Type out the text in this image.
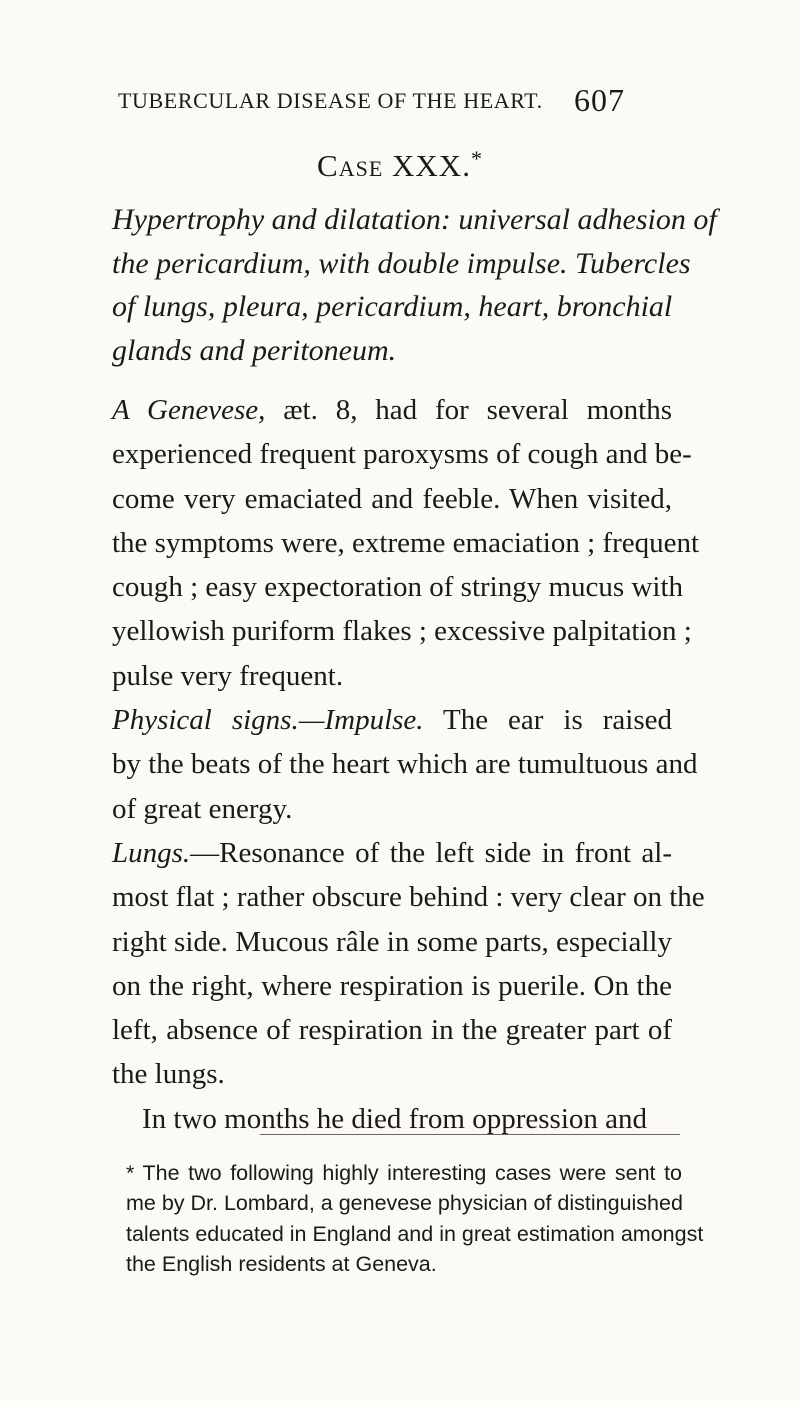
TUBERCULAR DISEASE OF THE HEART. 607
Case XXX.*
Hypertrophy and dilatation: universal adhesion of
the pericardium, with double impulse. Tubercles
of lungs, pleura, pericardium, heart, bronchial
glands and peritoneum.
A Genevese, æt. 8, had for several months
experienced frequent paroxysms of cough and be-
come very emaciated and feeble. When visited,
the symptoms were, extreme emaciation ; frequent
cough ; easy expectoration of stringy mucus with
yellowish puriform flakes ; excessive palpitation ;
pulse very frequent.
Physical signs.—Impulse. The ear is raised
by the beats of the heart which are tumultuous and
of great energy.
Lungs.—Resonance of the left side in front al-
most flat ; rather obscure behind : very clear on the
right side. Mucous râle in some parts, especially
on the right, where respiration is puerile. On the
left, absence of respiration in the greater part of
the lungs.
In two months he died from oppression and
* The two following highly interesting cases were sent to
me by Dr. Lombard, a genevese physician of distinguished
talents educated in England and in great estimation amongst
the English residents at Geneva.
